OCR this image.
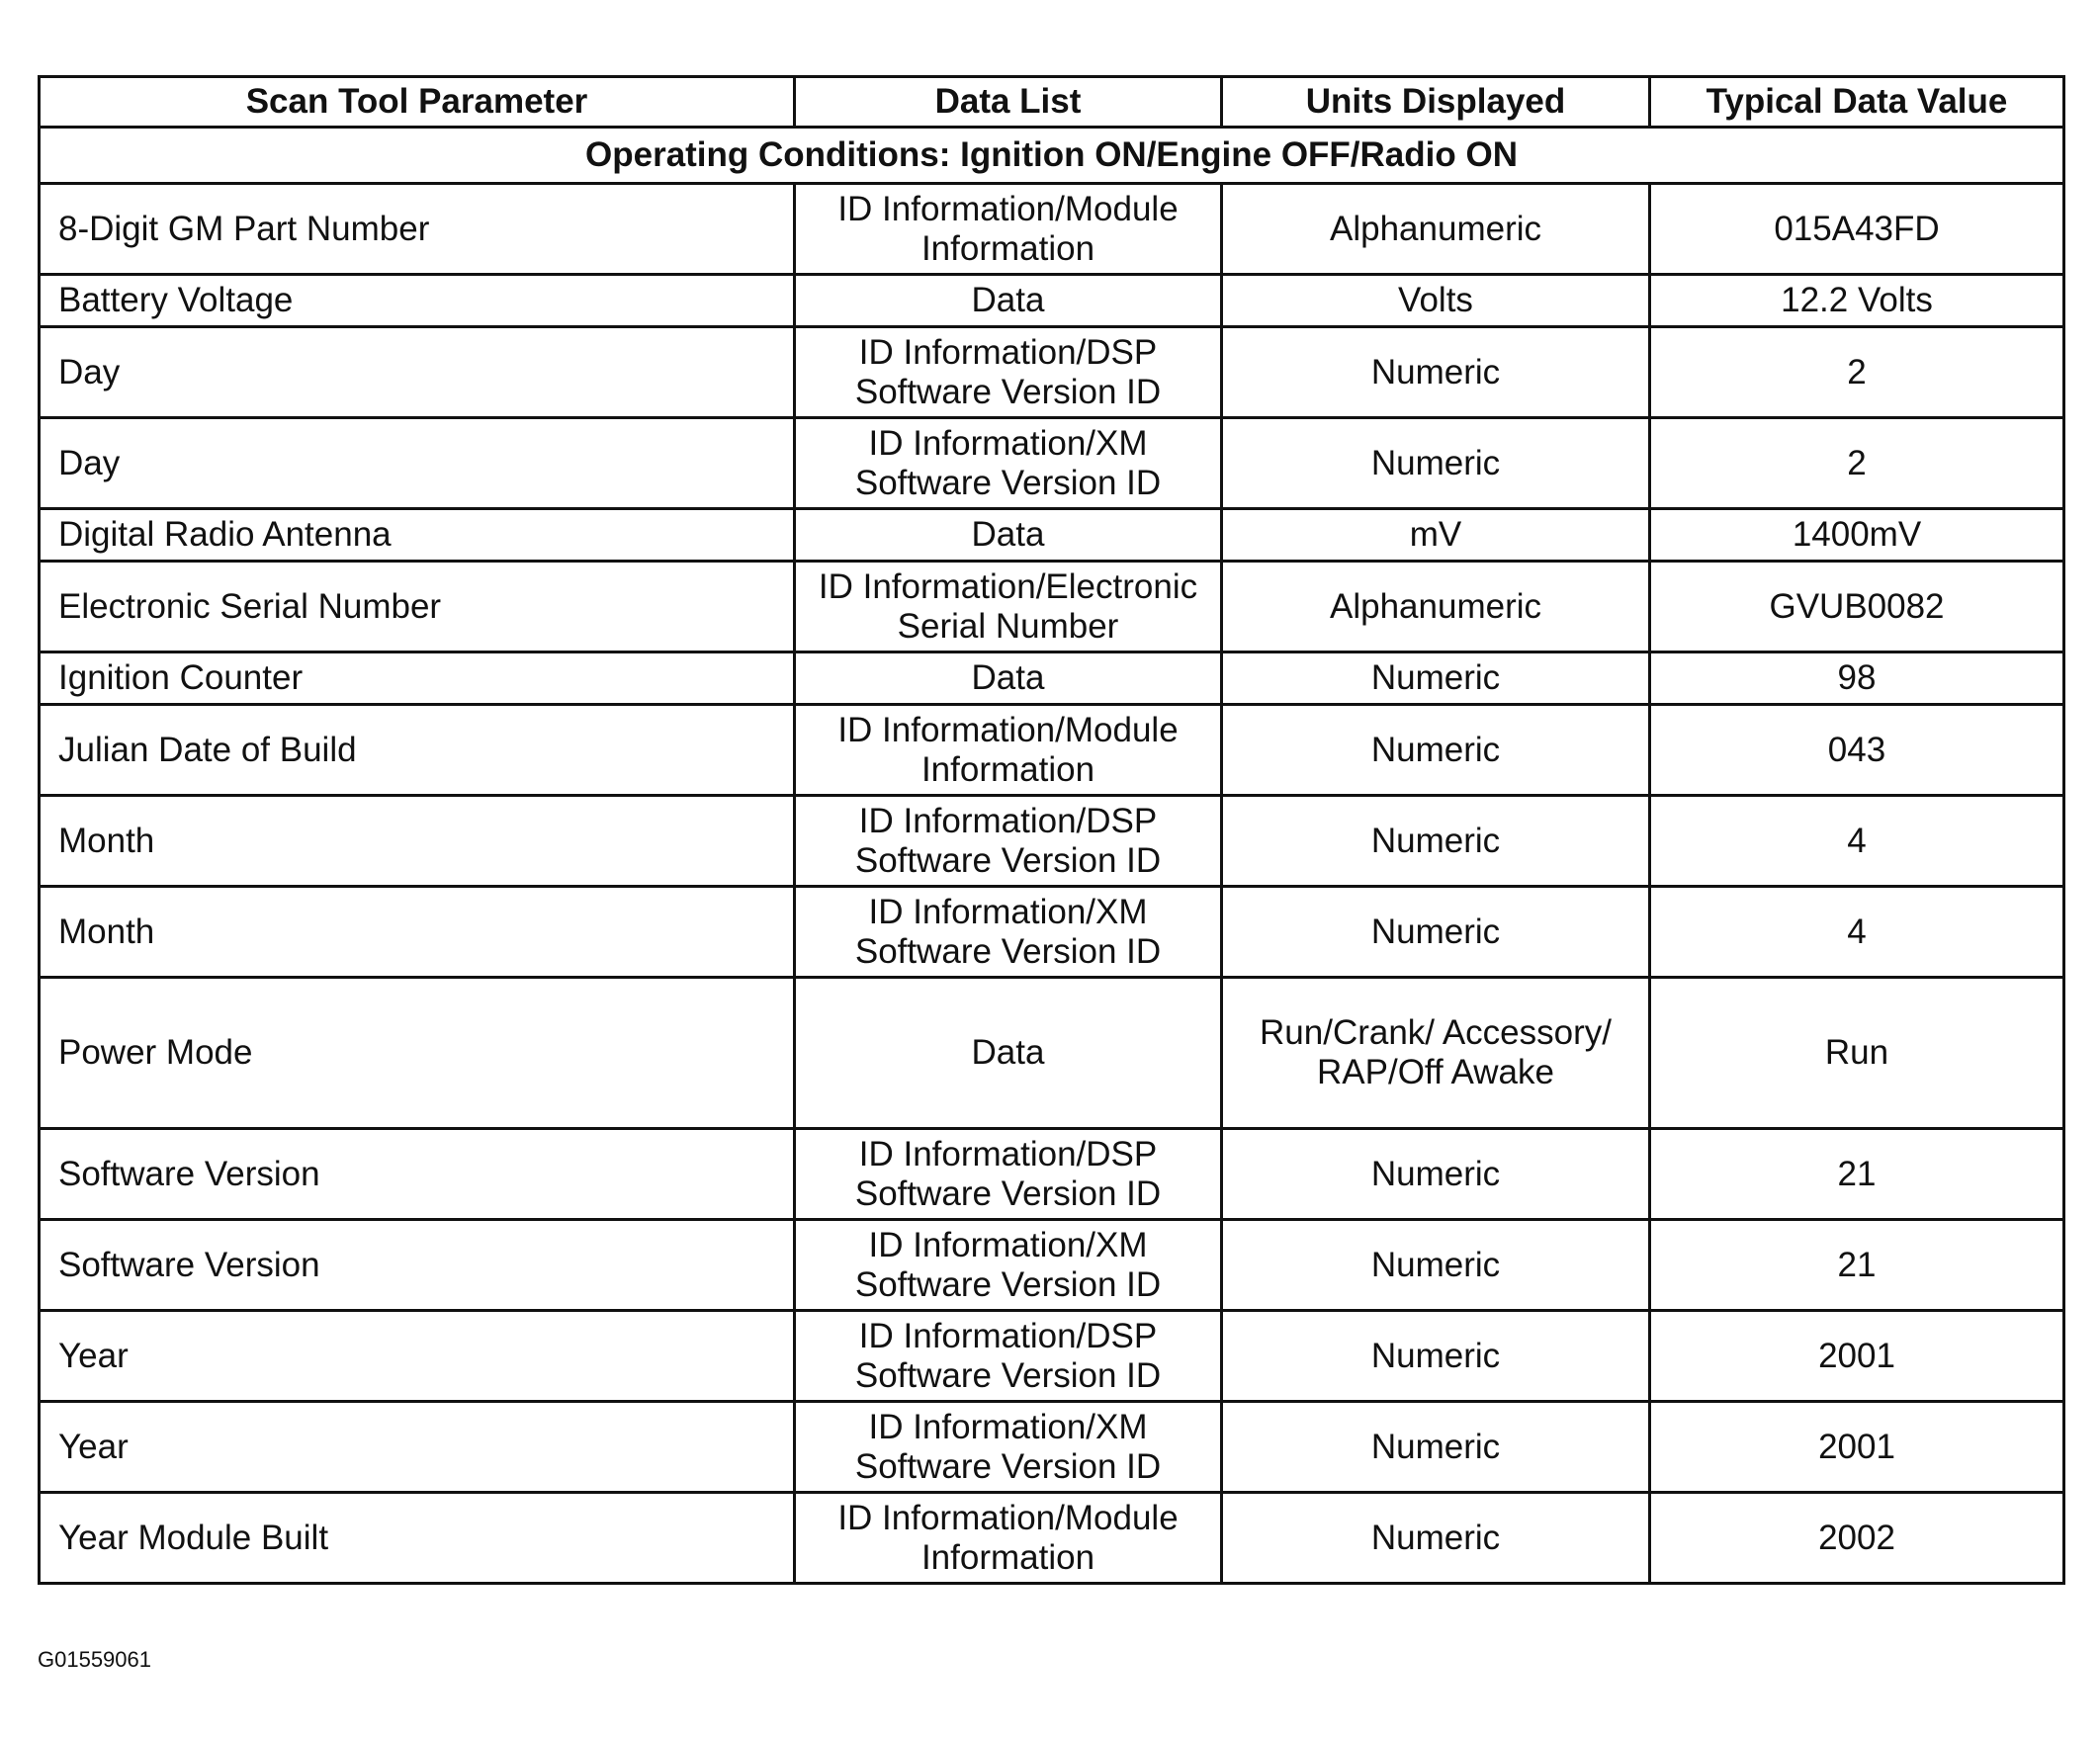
Scan Tool Parameter	Data List	Units Displayed	Typical Data Value
Operating Conditions: Ignition ON/Engine OFF/Radio ON			
8-Digit GM Part Number	ID Information/Module Information	Alphanumeric	015A43FD
Battery Voltage	Data	Volts	12.2 Volts
Day	ID Information/DSP Software Version ID	Numeric	2
Day	ID Information/XM Software Version ID	Numeric	2
Digital Radio Antenna	Data	mV	1400mV
Electronic Serial Number	ID Information/Electronic Serial Number	Alphanumeric	GVUB0082
Ignition Counter	Data	Numeric	98
Julian Date of Build	ID Information/Module Information	Numeric	043
Month	ID Information/DSP Software Version ID	Numeric	4
Month	ID Information/XM Software Version ID	Numeric	4
Power Mode	Data	Run/Crank/ Accessory/ RAP/Off Awake	Run
Software Version	ID Information/DSP Software Version ID	Numeric	21
Software Version	ID Information/XM Software Version ID	Numeric	21
Year	ID Information/DSP Software Version ID	Numeric	2001
Year	ID Information/XM Software Version ID	Numeric	2001
Year Module Built	ID Information/Module Information	Numeric	2002
G01559061
